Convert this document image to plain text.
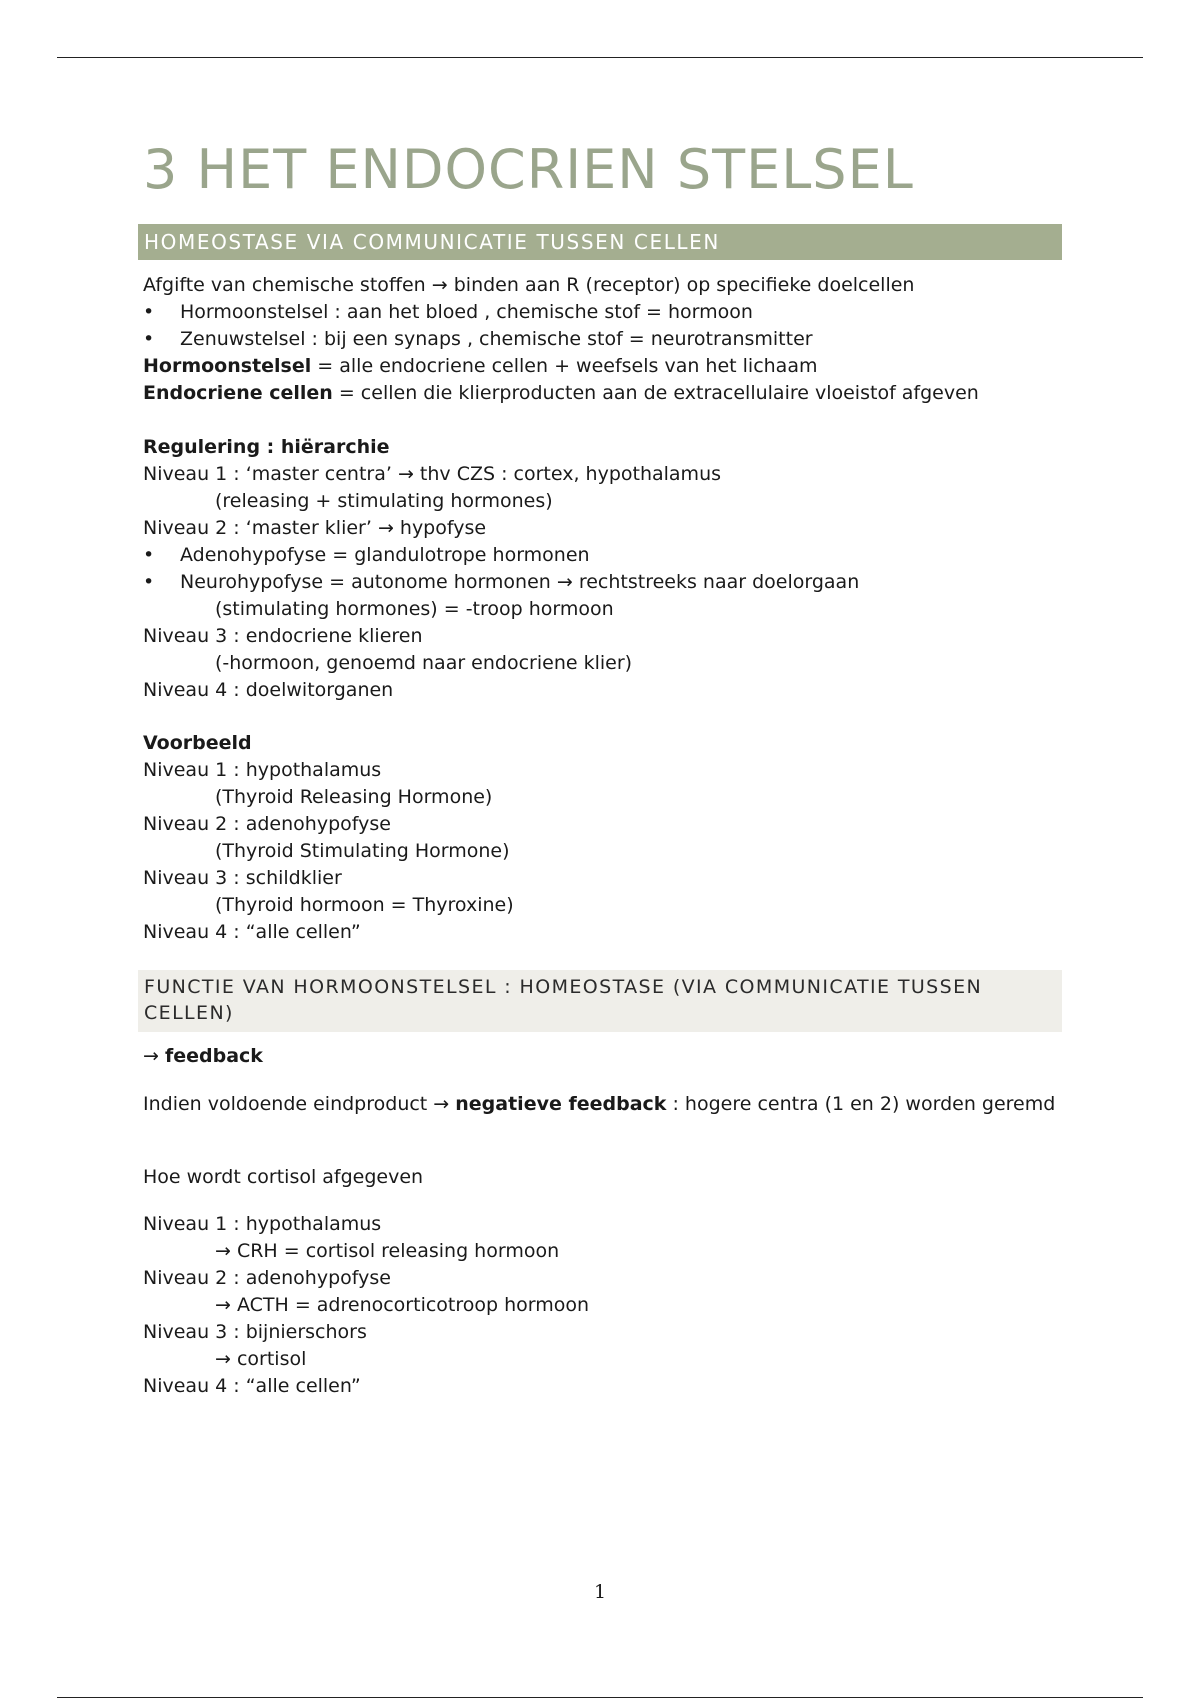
3 HET ENDOCRIEN STELSEL
HOMEOSTASE VIA COMMUNICATIE TUSSEN CELLEN
Afgifte van chemische stoffen → binden aan R (receptor) op specifieke doelcellen
• Hormoonstelsel : aan het bloed , chemische stof = hormoon
• Zenuwstelsel : bij een synaps , chemische stof = neurotransmitter
Hormoonstelsel = alle endocriene cellen + weefsels van het lichaam
Endocriene cellen = cellen die klierproducten aan de extracellulaire vloeistof afgeven
Regulering : hiërarchie
Niveau 1 : ‘master centra’ → thv CZS : cortex, hypothalamus
(releasing + stimulating hormones)
Niveau 2 : ‘master klier’ → hypofyse
• Adenohypofyse = glandulotrope hormonen
• Neurohypofyse = autonome hormonen → rechtstreeks naar doelorgaan
(stimulating hormones) = -troop hormoon
Niveau 3 : endocriene klieren
(-hormoon, genoemd naar endocriene klier)
Niveau 4 : doelwitorganen
Voorbeeld
Niveau 1 : hypothalamus
(Thyroid Releasing Hormone)
Niveau 2 : adenohypofyse
(Thyroid Stimulating Hormone)
Niveau 3 : schildklier
(Thyroid hormoon = Thyroxine)
Niveau 4 : “alle cellen”
FUNCTIE VAN HORMOONSTELSEL : HOMEOSTASE (VIA COMMUNICATIE TUSSEN CELLEN)
→ feedback
Indien voldoende eindproduct → negatieve feedback : hogere centra (1 en 2) worden geremd
Hoe wordt cortisol afgegeven
Niveau 1 : hypothalamus
→ CRH = cortisol releasing hormoon
Niveau 2 : adenohypofyse
→ ACTH = adrenocorticotroop hormoon
Niveau 3 : bijnierschors
→ cortisol
Niveau 4 : “alle cellen”
1
